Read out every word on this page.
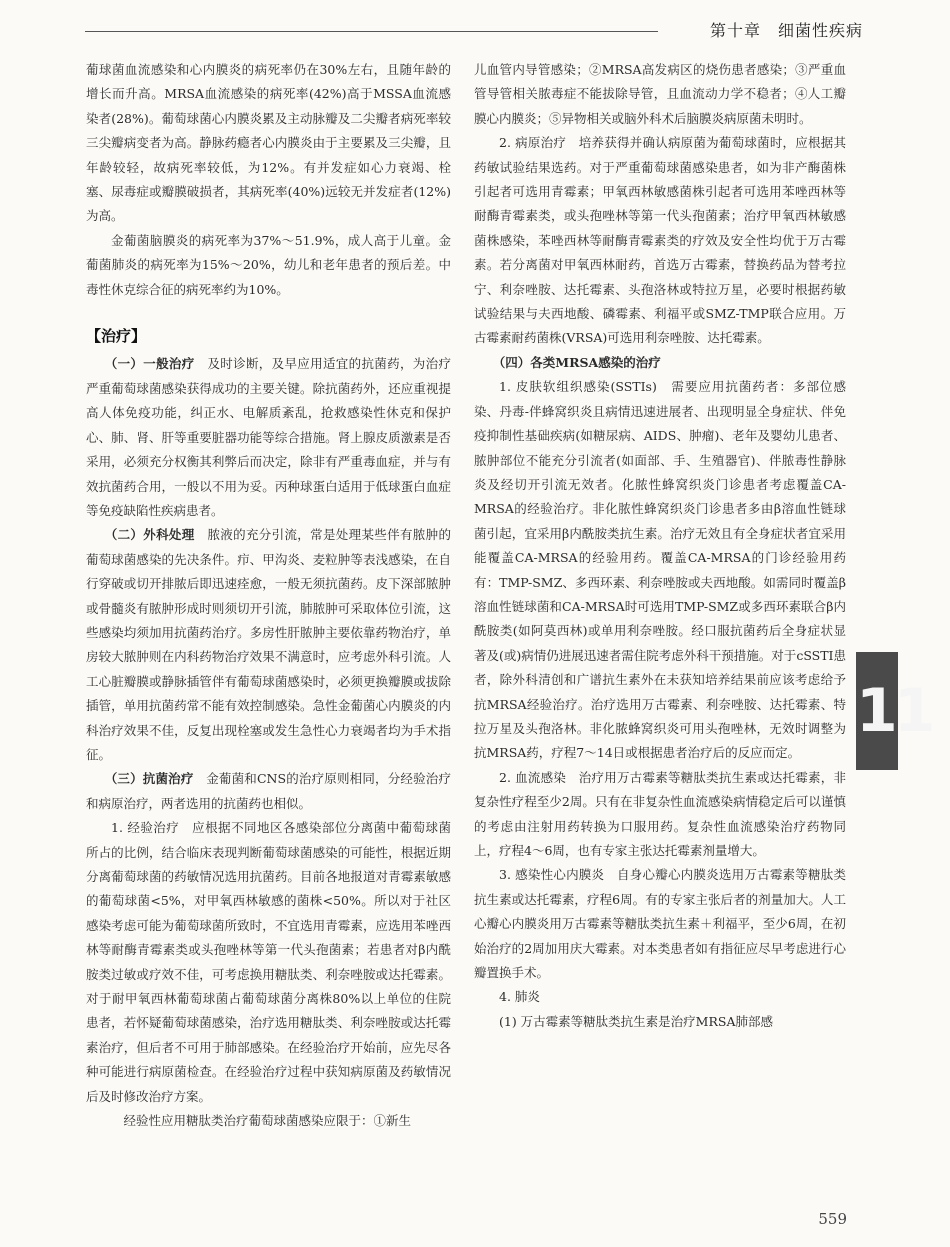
第十章　细菌性疾病

葡球菌血流感染和心内膜炎的病死率仍在30%左右，且随年龄的增长而升高。MRSA血流感染的病死率(42%)高于MSSA血流感染者(28%)。葡萄球菌心内膜炎累及主动脉瓣及二尖瓣者病死率较三尖瓣病变者为高。静脉药瘾者心内膜炎由于主要累及三尖瓣，且年龄较轻，故病死率较低，为12%。有并发症如心力衰竭、栓塞、尿毒症或瓣膜破损者，其病死率(40%)远较无并发症者(12%)为高。

金葡菌脑膜炎的病死率为37%～51.9%，成人高于儿童。金葡菌肺炎的病死率为15%～20%，幼儿和老年患者的预后差。中毒性休克综合征的病死率约为10%。

【治疗】

（一）一般治疗　及时诊断，及早应用适宜的抗菌药，为治疗严重葡萄球菌感染获得成功的主要关键。除抗菌药外，还应重视提高人体免疫功能，纠正水、电解质紊乱，抢救感染性休克和保护心、肺、肾、肝等重要脏器功能等综合措施。肾上腺皮质激素是否采用，必须充分权衡其利弊后而决定，除非有严重毒血症，并与有效抗菌药合用，一般以不用为妥。丙种球蛋白适用于低球蛋白血症等免疫缺陷性疾病患者。

（二）外科处理　脓液的充分引流，常是处理某些伴有脓肿的葡萄球菌感染的先决条件。疖、甲沟炎、麦粒肿等表浅感染，在自行穿破或切开排脓后即迅速痊愈，一般无须抗菌药。皮下深部脓肿或骨髓炎有脓肿形成时则须切开引流，肺脓肿可采取体位引流，这些感染均须加用抗菌药治疗。多房性肝脓肿主要依靠药物治疗，单房较大脓肿则在内科药物治疗效果不满意时，应考虑外科引流。人工心脏瓣膜或静脉插管伴有葡萄球菌感染时，必须更换瓣膜或拔除插管，单用抗菌药常不能有效控制感染。急性金葡菌心内膜炎的内科治疗效果不佳，反复出现栓塞或发生急性心力衰竭者均为手术指征。

（三）抗菌治疗　金葡菌和CNS的治疗原则相同，分经验治疗和病原治疗，两者选用的抗菌药也相似。

1. 经验治疗　应根据不同地区各感染部位分离菌中葡萄球菌所占的比例，结合临床表现判断葡萄球菌感染的可能性，根据近期分离葡萄球菌的药敏情况选用抗菌药。目前各地报道对青霉素敏感的葡萄球菌<5%，对甲氧西林敏感的菌株<50%。所以对于社区感染考虑可能为葡萄球菌所致时，不宜选用青霉素，应选用苯唑西林等耐酶青霉素类或头孢唑林等第一代头孢菌素；若患者对β内酰胺类过敏或疗效不佳，可考虑换用糖肽类、利奈唑胺或达托霉素。对于耐甲氧西林葡萄球菌占葡萄球菌分离株80%以上单位的住院患者，若怀疑葡萄球菌感染，治疗选用糖肽类、利奈唑胺或达托霉素治疗，但后者不可用于肺部感染。在经验治疗开始前，应先尽各种可能进行病原菌检查。在经验治疗过程中获知病原菌及药敏情况后及时修改治疗方案。

经验性应用糖肽类治疗葡萄球菌感染应限于：①新生

儿血管内导管感染；②MRSA高发病区的烧伤患者感染；③严重血管导管相关脓毒症不能拔除导管，且血流动力学不稳者；④人工瓣膜心内膜炎；⑤异物相关或脑外科术后脑膜炎病原菌未明时。

2. 病原治疗　培养获得并确认病原菌为葡萄球菌时，应根据其药敏试验结果选药。对于严重葡萄球菌感染患者，如为非产酶菌株引起者可选用青霉素；甲氧西林敏感菌株引起者可选用苯唑西林等耐酶青霉素类，或头孢唑林等第一代头孢菌素；治疗甲氧西林敏感菌株感染，苯唑西林等耐酶青霉素类的疗效及安全性均优于万古霉素。若分离菌对甲氧西林耐药，首选万古霉素，替换药品为替考拉宁、利奈唑胺、达托霉素、头孢洛林或特拉万星，必要时根据药敏试验结果与夫西地酸、磷霉素、利福平或SMZ-TMP联合应用。万古霉素耐药菌株(VRSA)可选用利奈唑胺、达托霉素。

（四）各类MRSA感染的治疗

1. 皮肤软组织感染(SSTIs)　需要应用抗菌药者：多部位感染、丹毒-伴蜂窝织炎且病情迅速进展者、出现明显全身症状、伴免疫抑制性基础疾病(如糖尿病、AIDS、肿瘤)、老年及婴幼儿患者、脓肿部位不能充分引流者(如面部、手、生殖器官)、伴脓毒性静脉炎及经切开引流无效者。化脓性蜂窝织炎门诊患者考虑覆盖CA-MRSA的经验治疗。非化脓性蜂窝织炎门诊患者多由β溶血性链球菌引起，宜采用β内酰胺类抗生素。治疗无效且有全身症状者宜采用能覆盖CA-MRSA的经验用药。覆盖CA-MRSA的门诊经验用药有：TMP-SMZ、多西环素、利奈唑胺或夫西地酸。如需同时覆盖β溶血性链球菌和CA-MRSA时可选用TMP-SMZ或多西环素联合β内酰胺类(如阿莫西林)或单用利奈唑胺。经口服抗菌药后全身症状显著及(或)病情仍进展迅速者需住院考虑外科干预措施。对于cSSTI患者，除外科清创和广谱抗生素外在未获知培养结果前应该考虑给予抗MRSA经验治疗。治疗选用万古霉素、利奈唑胺、达托霉素、特拉万星及头孢洛林。非化脓蜂窝织炎可用头孢唑林，无效时调整为抗MRSA药，疗程7～14日或根据患者治疗后的反应而定。

2. 血流感染　治疗用万古霉素等糖肽类抗生素或达托霉素，非复杂性疗程至少2周。只有在非复杂性血流感染病情稳定后可以谨慎的考虑由注射用药转换为口服用药。复杂性血流感染治疗药物同上，疗程4～6周，也有专家主张达托霉素剂量增大。

3. 感染性心内膜炎　自身心瓣心内膜炎选用万古霉素等糖肽类抗生素或达托霉素，疗程6周。有的专家主张后者的剂量加大。人工心瓣心内膜炎用万古霉素等糖肽类抗生素＋利福平，至少6周，在初始治疗的2周加用庆大霉素。对本类患者如有指征应尽早考虑进行心瓣置换手术。

4. 肺炎

(1) 万古霉素等糖肽类抗生素是治疗MRSA肺部感

11
559
